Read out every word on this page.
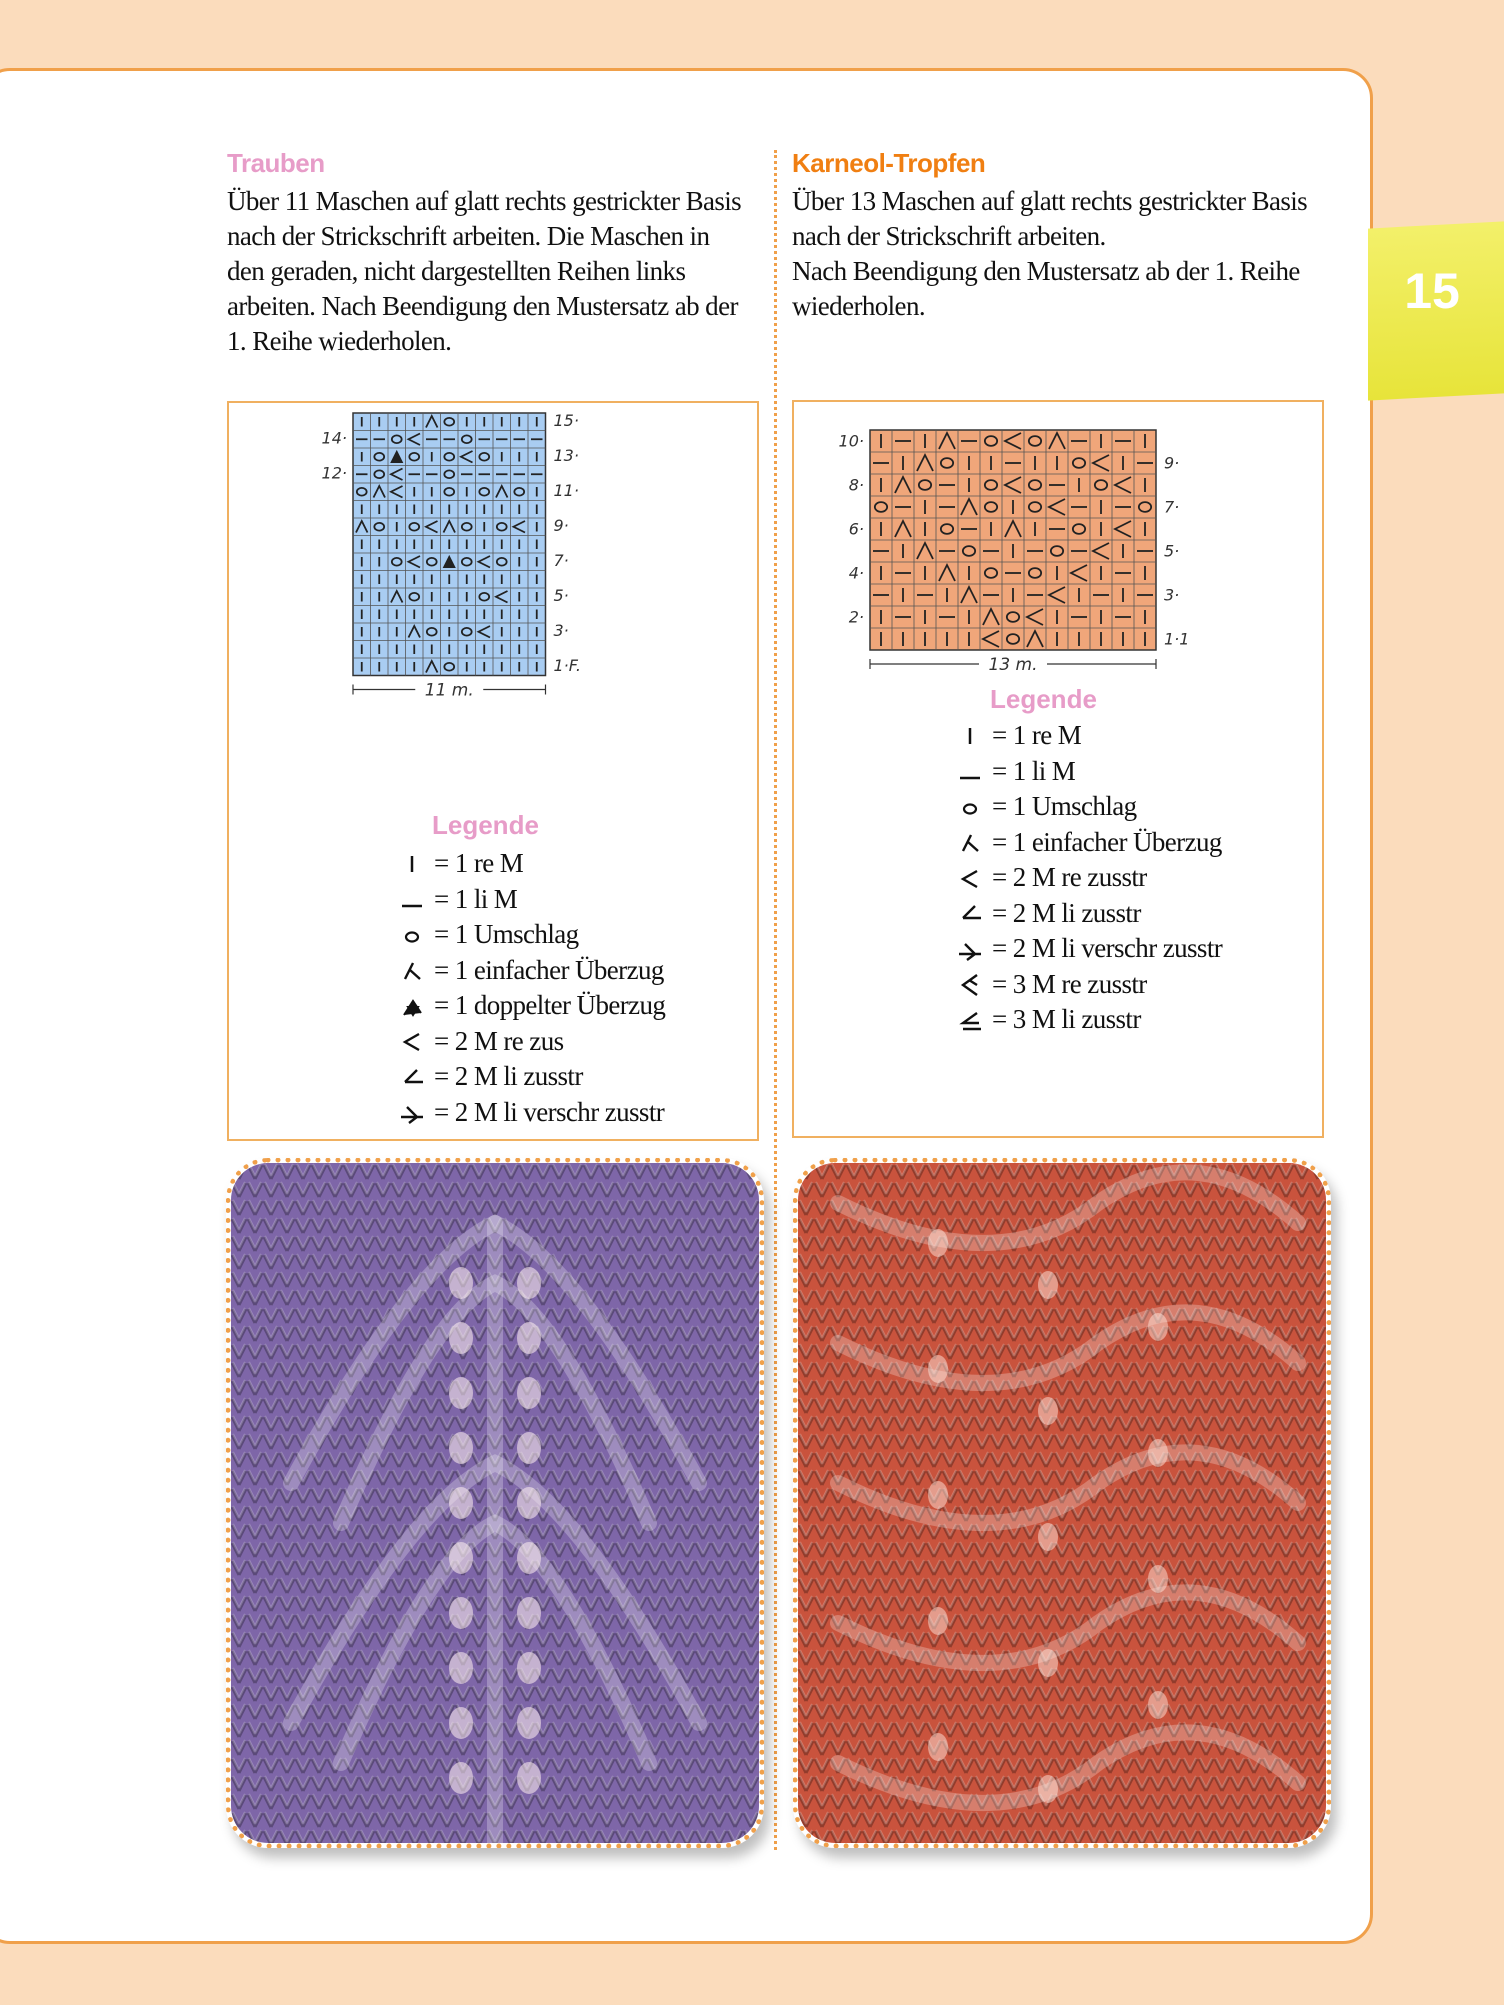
15
Trauben
Über 11 Maschen auf glatt rechts gestrickter Basis
nach der Strickschrift arbeiten. Die Maschen in
den geraden, nicht dargestellten Reihen links
arbeiten. Nach Beendigung den Mustersatz ab der
1. Reihe wiederholen.
14·
12·
15·
13·
11·
9·
7·
5·
3·
1·F.
11 m.
Legende
= 1 re M
= 1 li M
= 1 Umschlag
= 1 einfacher Überzug
= 1 doppelter Überzug
= 2 M re zus
= 2 M li zusstr
= 2 M li verschr zusstr
Karneol-Tropfen
Über 13 Maschen auf glatt rechts gestrickter Basis
nach der Strickschrift arbeiten.
Nach Beendigung den Mustersatz ab der 1. Reihe
wiederholen.
10·
8·
6·
4·
2·
9·
7·
5·
3·
1·1
13 m.
Legende
= 1 re M
= 1 li M
= 1 Umschlag
= 1 einfacher Überzug
= 2 M re zusstr
= 2 M li zusstr
= 2 M li verschr zusstr
= 3 M re zusstr
= 3 M li zusstr
